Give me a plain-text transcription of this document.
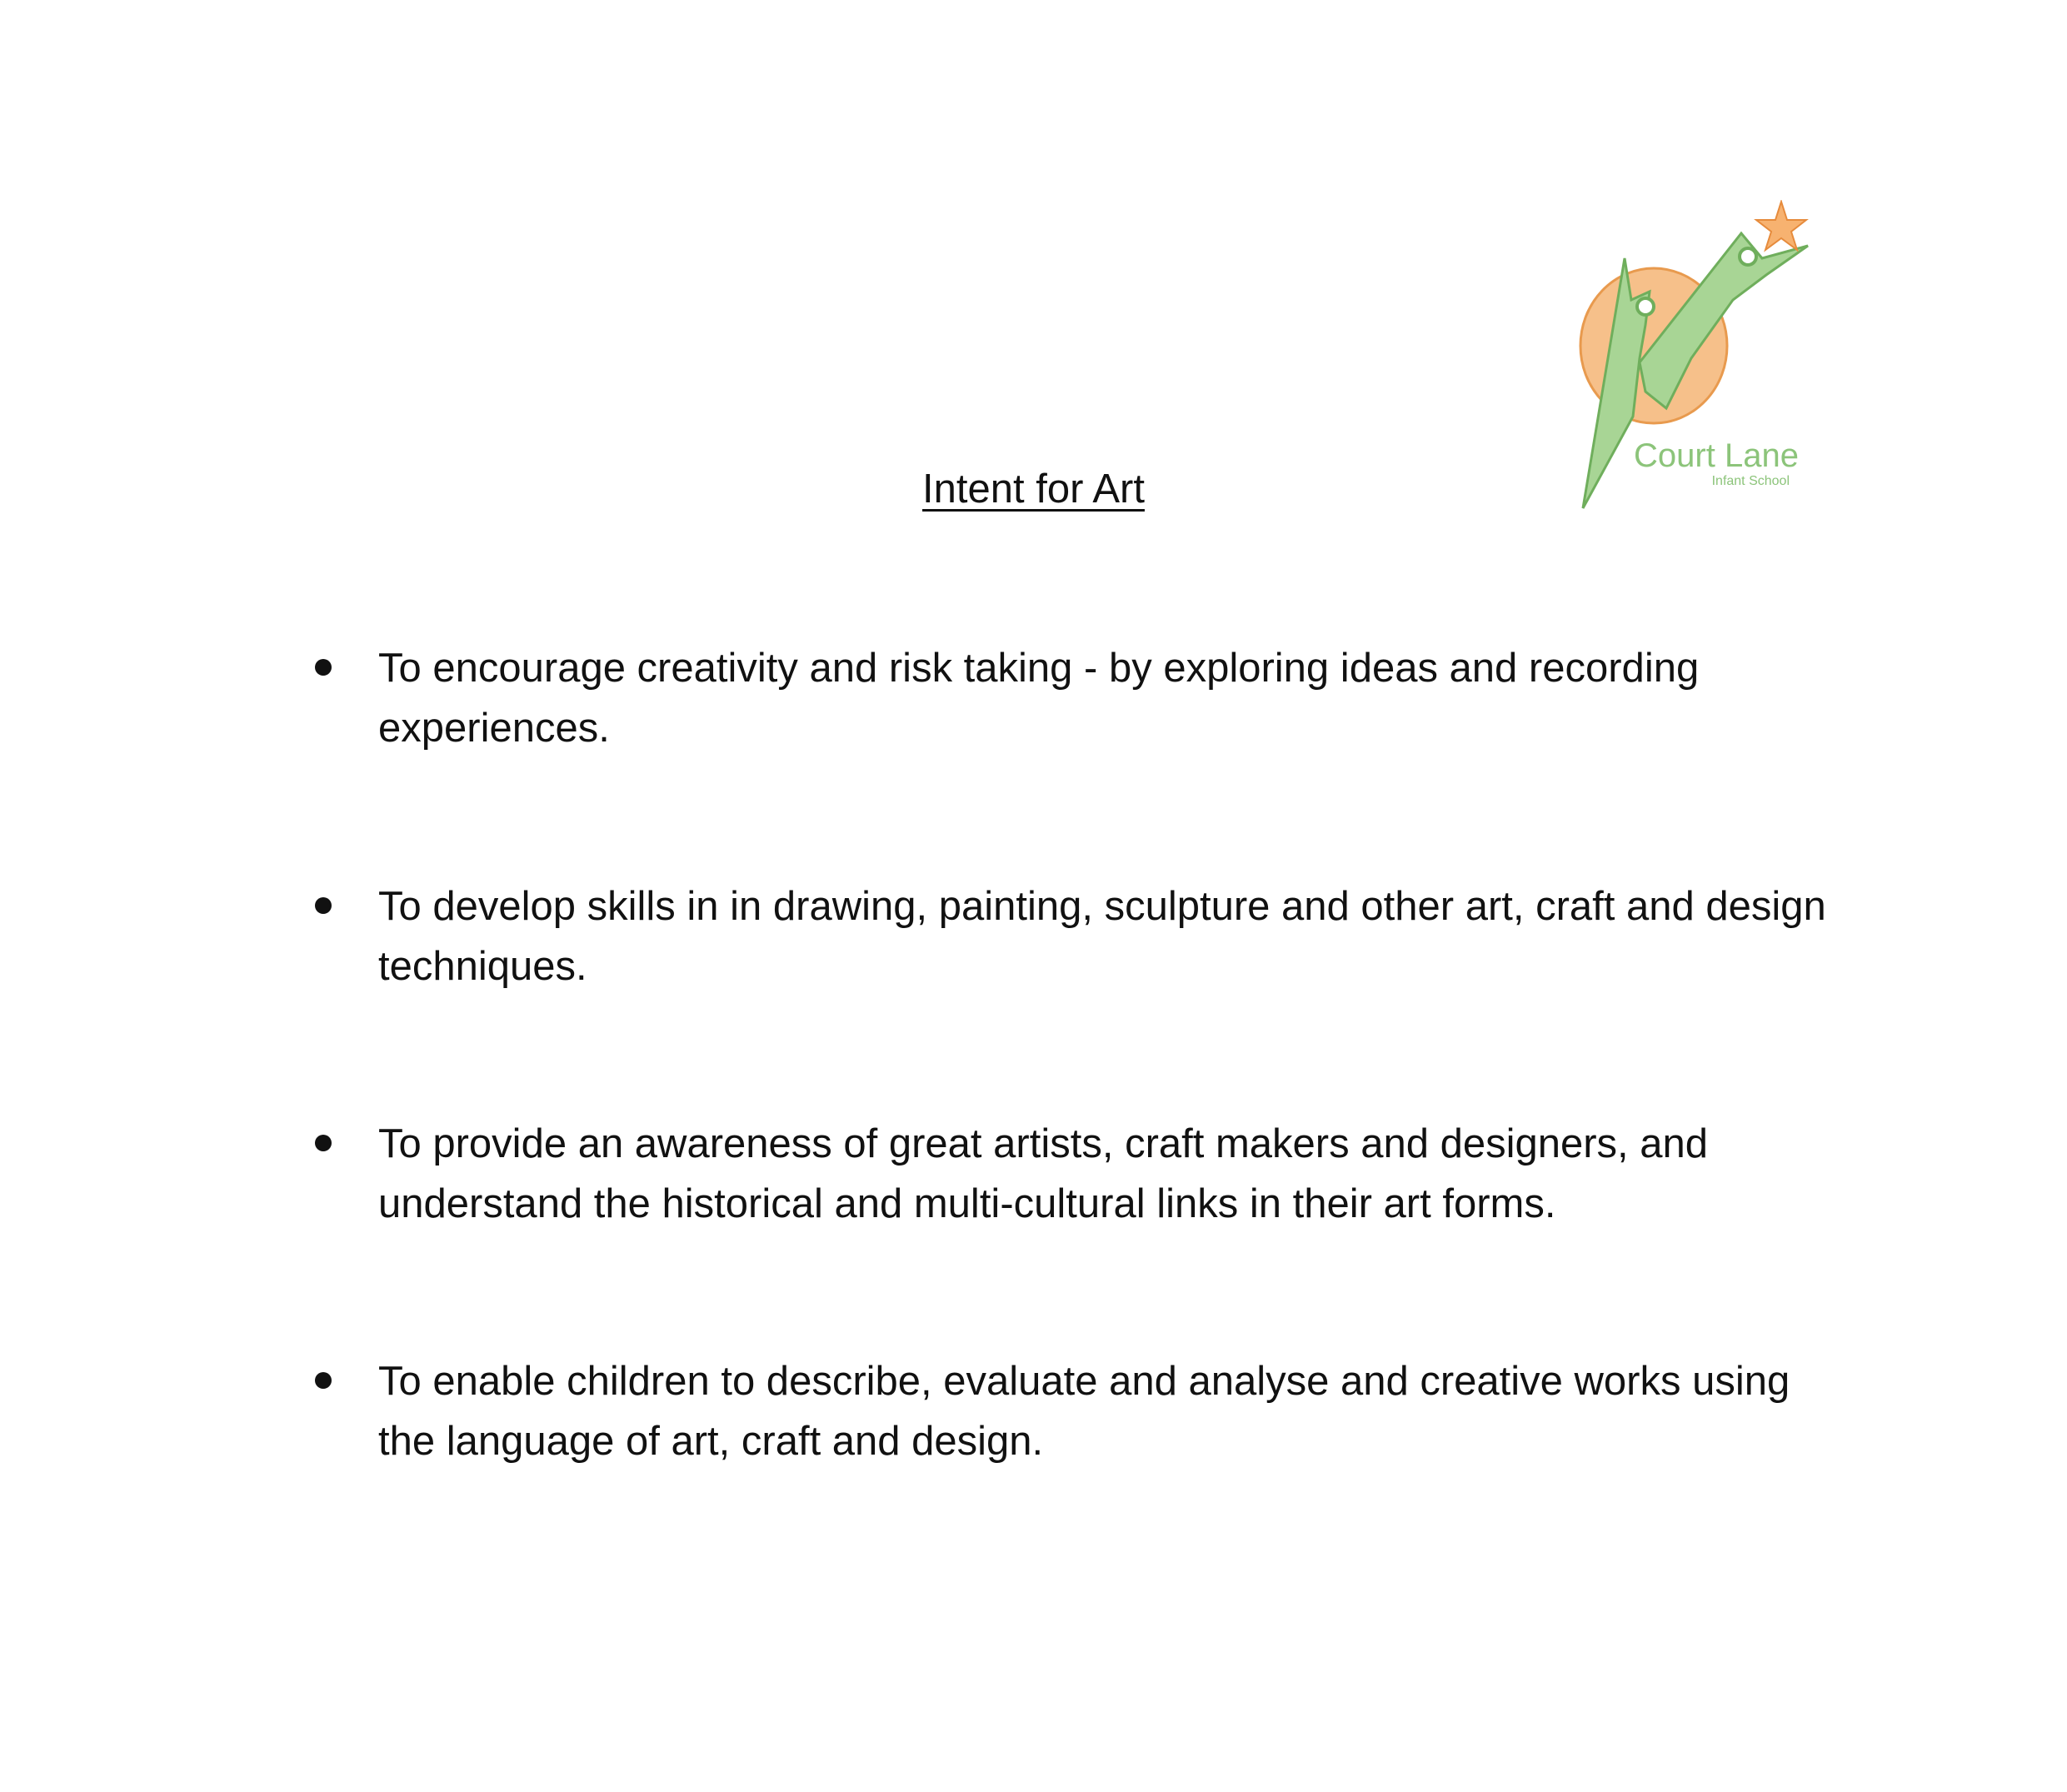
Court Lane
Infant School
Intent for Art
To encourage creativity and risk taking - by exploring ideas and recording experiences.
To develop skills in in drawing, painting, sculpture and other art, craft and design techniques.
To provide an awareness of great artists, craft makers and designers, and understand the historical and multi-cultural links in their art forms.
To enable children to describe, evaluate and analyse and creative works using the language of art, craft and design.
